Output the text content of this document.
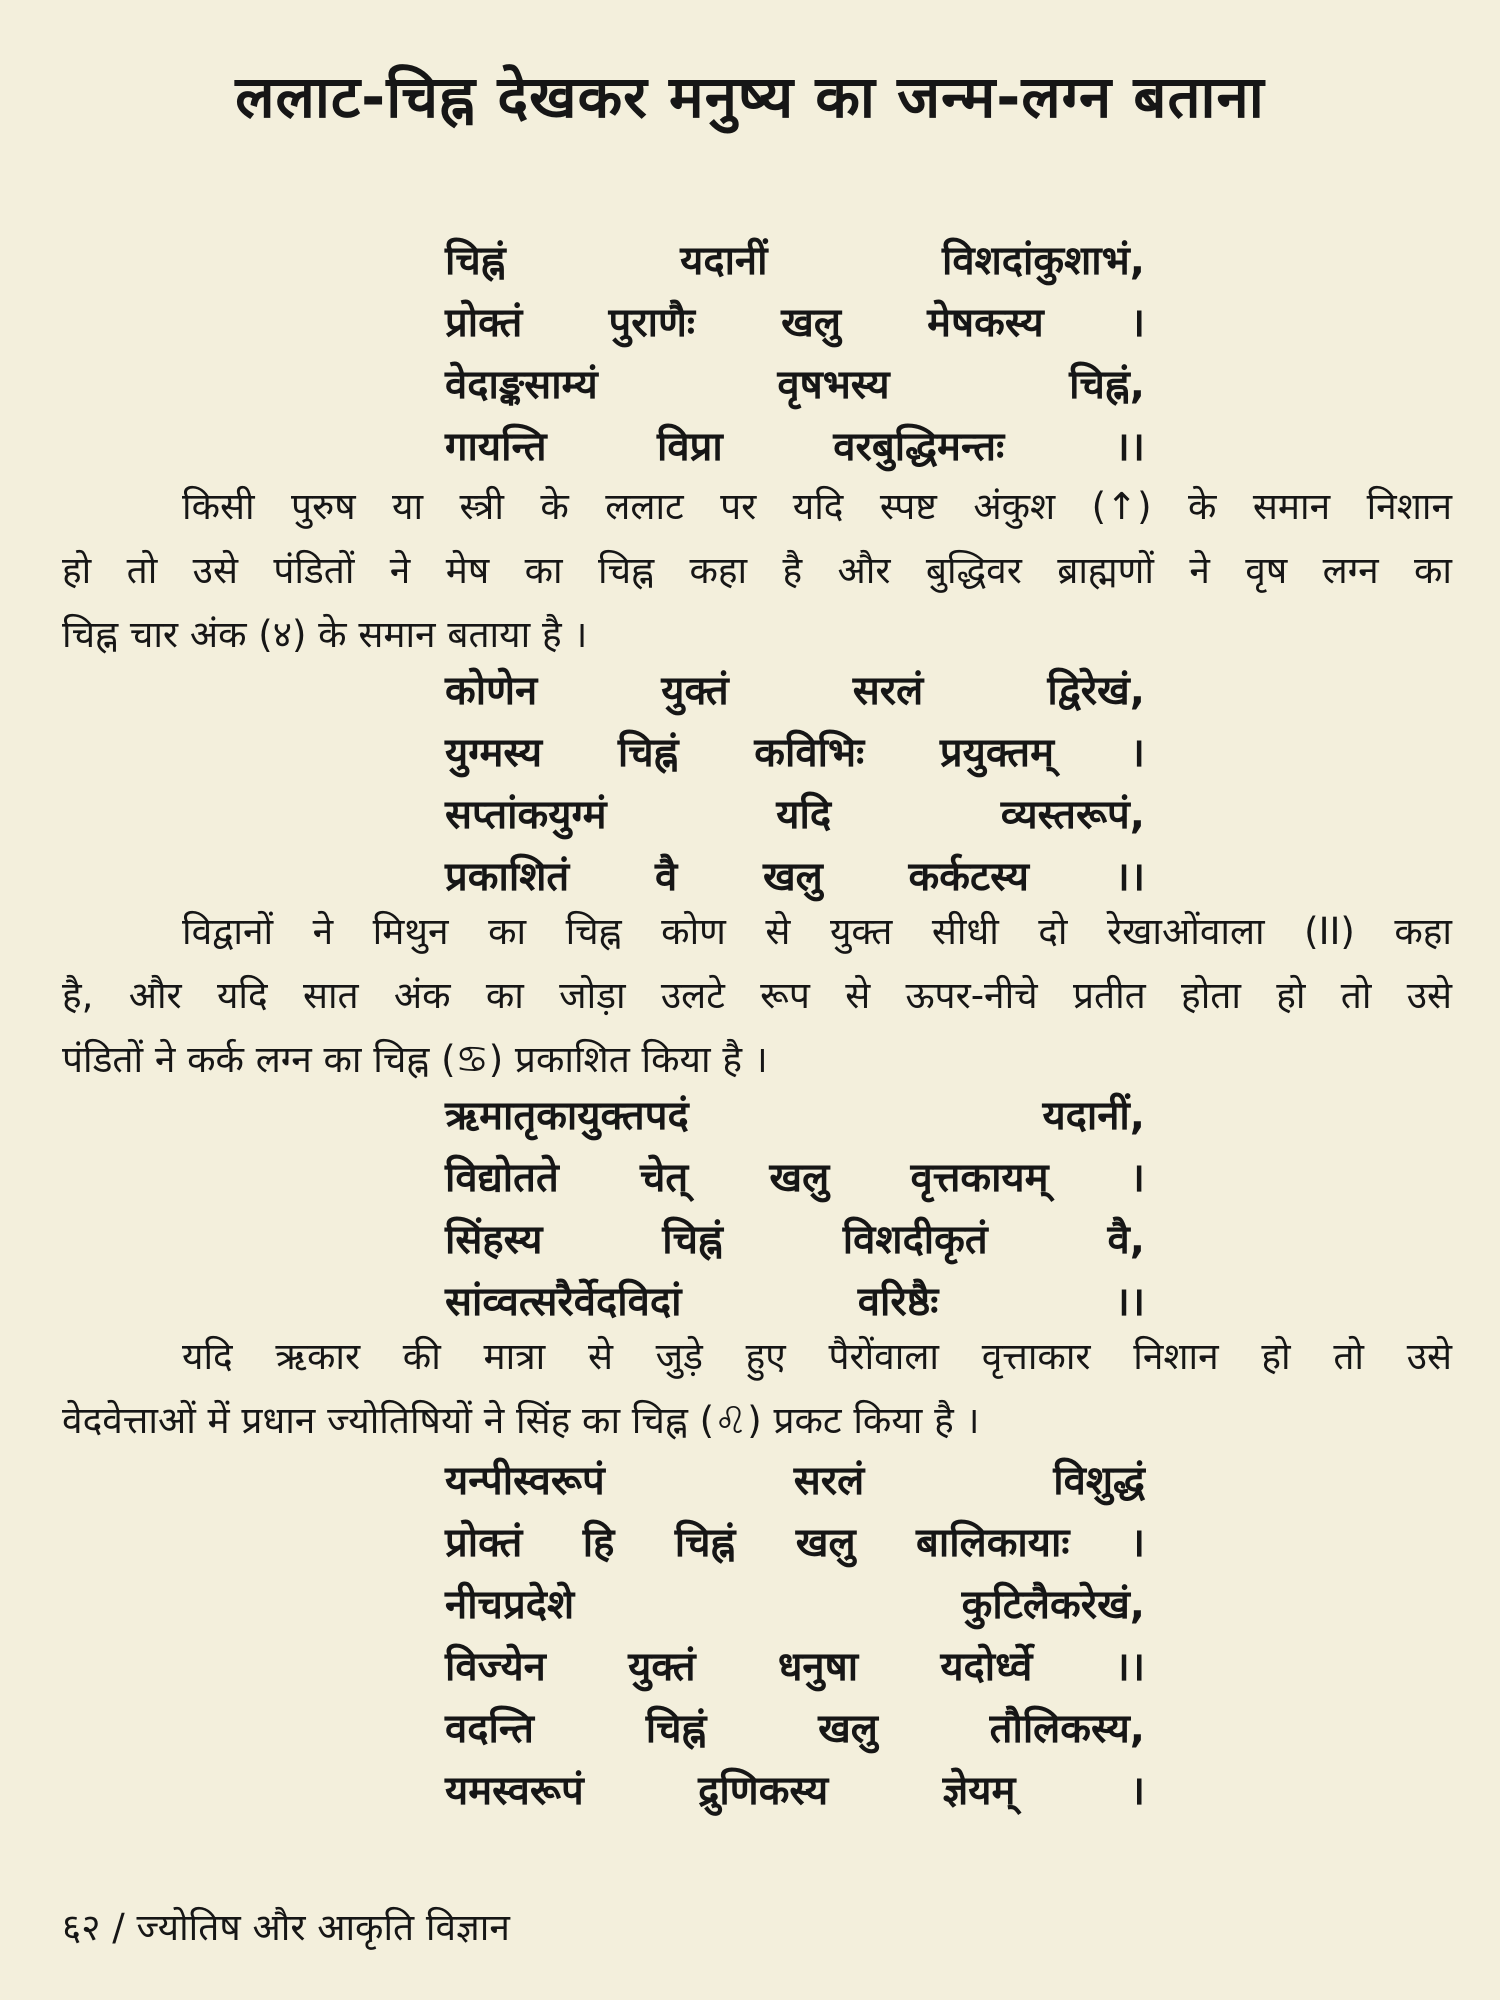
ललाट-चिह्न देखकर मनुष्य का जन्म-लग्न बताना
चिह्नं	यदानीं	विशदांकुशाभं,
प्रोक्तं पुराणैः खलु मेषकस्य ।
वेदाङ्कसाम्यं	वृषभस्य	चिह्नं,
गायन्ति	विप्रा	वरबुद्धिमन्तः	।।
किसी पुरुष या स्त्री के ललाट पर यदि स्पष्ट अंकुश (↑) के समान निशान
हो तो उसे पंडितों ने मेष का चिह्न कहा है और बुद्धिवर ब्राह्मणों ने वृष लग्न का
चिह्न चार अंक (४) के समान बताया है ।
कोणेन	युक्तं	सरलं	द्विरेखं,
युग्मस्य चिह्नं कविभिः प्रयुक्तम् ।
सप्तांकयुग्मं	यदि	व्यस्तरूपं,
प्रकाशितं वै खलु कर्कटस्य ।।
विद्वानों ने मिथुन का चिह्न कोण से युक्त सीधी दो रेखाओंवाला (II) कहा
है, और यदि सात अंक का जोड़ा उलटे रूप से ऊपर-नीचे प्रतीत होता हो तो उसे
पंडितों ने कर्क लग्न का चिह्न (♋) प्रकाशित किया है ।
ऋमातृकायुक्तपदं	यदानीं,
विद्योतते चेत् खलु वृत्तकायम् ।
सिंहस्य	चिह्नं	विशदीकृतं	वै,
सांव्वत्सरैर्वेदविदां	वरिष्ठैः	।।
यदि ऋकार की मात्रा से जुड़े हुए पैरोंवाला वृत्ताकार निशान हो तो उसे
वेदवेत्ताओं में प्रधान ज्योतिषियों ने सिंह का चिह्न (♌) प्रकट किया है ।
यन्पीस्वरूपं	सरलं	विशुद्धं
प्रोक्तं हि चिह्नं खलु बालिकायाः ।
नीचप्रदेशे	कुटिलैकरेखं,
विज्येन युक्तं धनुषा यदोर्ध्वे ।।
वदन्ति	चिह्नं	खलु	तौलिकस्य,
यमस्वरूपं	द्रुणिकस्य	ज्ञेयम्	।
६२ / ज्योतिष और आकृति विज्ञान
